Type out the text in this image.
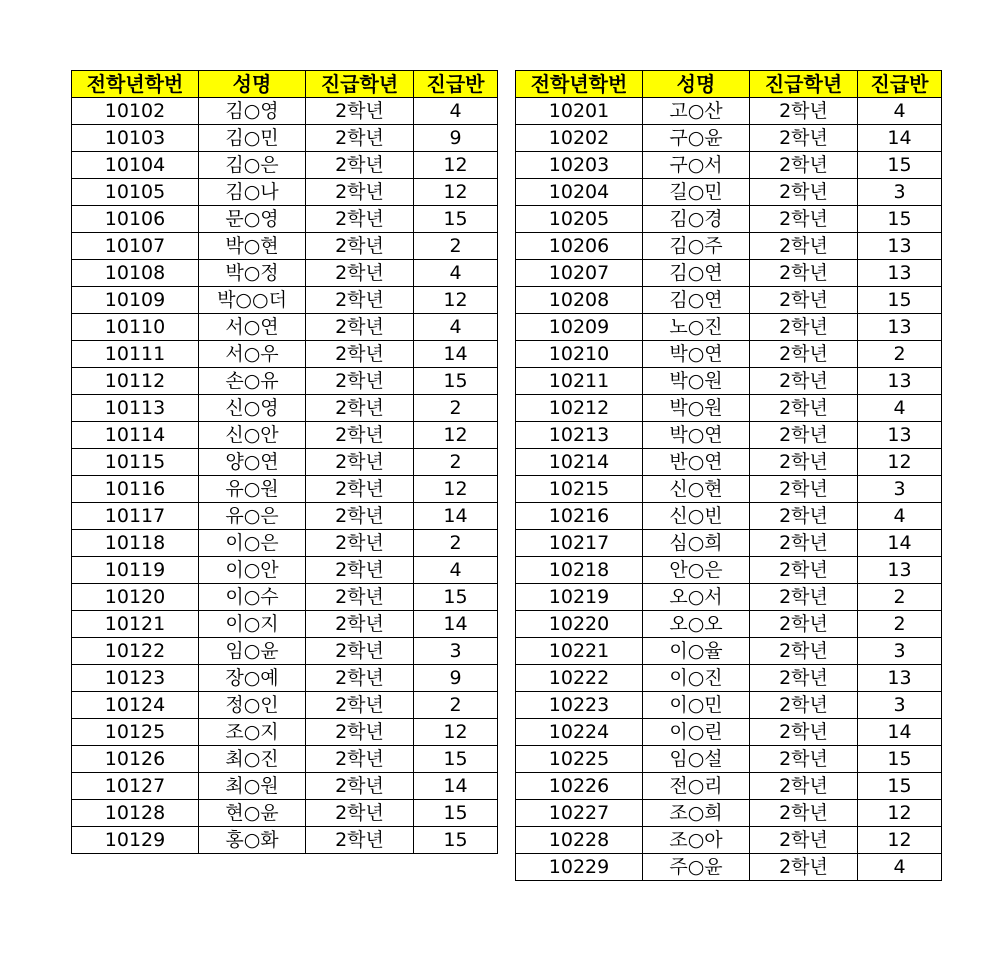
전학년학번	성명	진급학년	진급반
10102	김○영	2학년	4
10103	김○민	2학년	9
10104	김○은	2학년	12
10105	김○나	2학년	12
10106	문○영	2학년	15
10107	박○현	2학년	2
10108	박○정	2학년	4
10109	박○○더	2학년	12
10110	서○연	2학년	4
10111	서○우	2학년	14
10112	손○유	2학년	15
10113	신○영	2학년	2
10114	신○안	2학년	12
10115	양○연	2학년	2
10116	유○원	2학년	12
10117	유○은	2학년	14
10118	이○은	2학년	2
10119	이○안	2학년	4
10120	이○수	2학년	15
10121	이○지	2학년	14
10122	임○윤	2학년	3
10123	장○예	2학년	9
10124	정○인	2학년	2
10125	조○지	2학년	12
10126	최○진	2학년	15
10127	최○원	2학년	14
10128	현○윤	2학년	15
10129	홍○화	2학년	15
전학년학번	성명	진급학년	진급반
10201	고○산	2학년	4
10202	구○윤	2학년	14
10203	구○서	2학년	15
10204	길○민	2학년	3
10205	김○경	2학년	15
10206	김○주	2학년	13
10207	김○연	2학년	13
10208	김○연	2학년	15
10209	노○진	2학년	13
10210	박○연	2학년	2
10211	박○원	2학년	13
10212	박○원	2학년	4
10213	박○연	2학년	13
10214	반○연	2학년	12
10215	신○현	2학년	3
10216	신○빈	2학년	4
10217	심○희	2학년	14
10218	안○은	2학년	13
10219	오○서	2학년	2
10220	오○오	2학년	2
10221	이○율	2학년	3
10222	이○진	2학년	13
10223	이○민	2학년	3
10224	이○린	2학년	14
10225	임○설	2학년	15
10226	전○리	2학년	15
10227	조○희	2학년	12
10228	조○아	2학년	12
10229	주○윤	2학년	4
